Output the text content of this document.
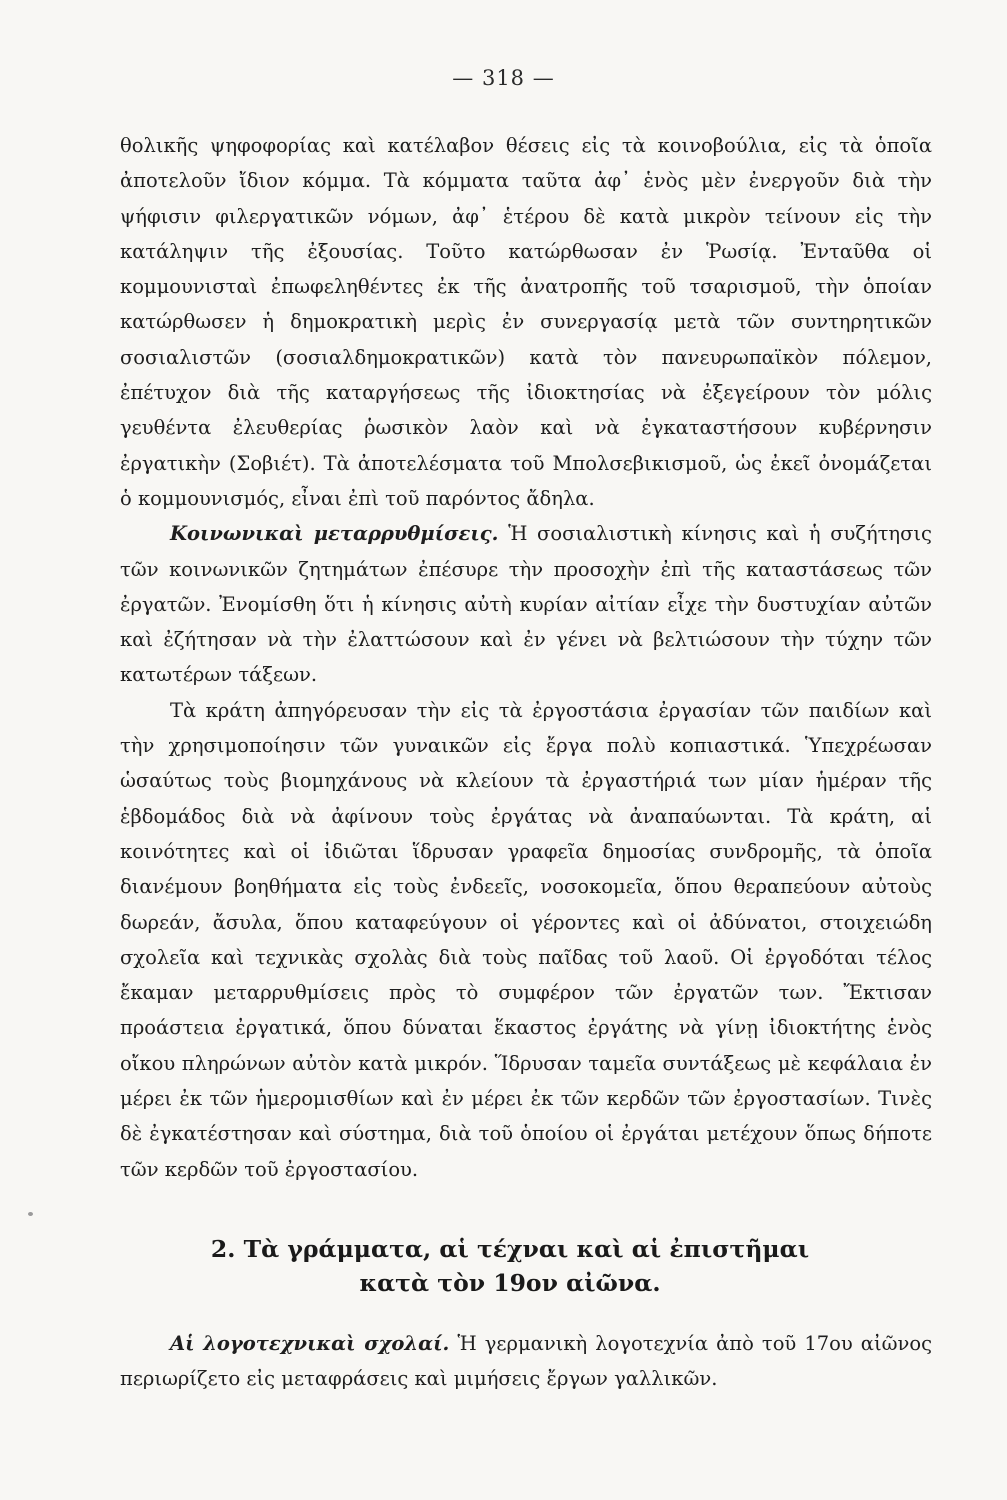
— 318 —

θολικῆς ψηφοφορίας καὶ κατέλαβον θέσεις εἰς τὰ κοινοβούλια, εἰς τὰ ὁποῖα ἀποτελοῦν ἴδιον κόμμα. Τὰ κόμματα ταῦτα ἀφ᾽ ἑνὸς μὲν ἐνεργοῦν διὰ τὴν ψήφισιν φιλεργατικῶν νόμων, ἀφ᾽ ἑτέρου δὲ κατὰ μικρὸν τείνουν εἰς τὴν κατάληψιν τῆς ἐξουσίας. Τοῦτο κατώρθωσαν ἐν Ῥωσίᾳ. Ἐνταῦθα οἱ κομμουνισταὶ ἐπωφεληθέντες ἐκ τῆς ἀνατροπῆς τοῦ τσαρισμοῦ, τὴν ὁποίαν κατώρθωσεν ἡ δημοκρατικὴ μερὶς ἐν συνεργασίᾳ μετὰ τῶν συντηρητικῶν σοσιαλιστῶν (σοσιαλδημοκρατικῶν) κατὰ τὸν πανευρωπαϊκὸν πόλεμον, ἐπέτυχον διὰ τῆς καταργήσεως τῆς ἰδιοκτησίας νὰ ἐξεγείρουν τὸν μόλις γευθέντα ἐλευθερίας ῥωσικὸν λαὸν καὶ νὰ ἐγκαταστήσουν κυβέρνησιν ἐργατικὴν (Σοβιέτ). Τὰ ἀποτελέσματα τοῦ Μπολσεβικισμοῦ, ὡς ἐκεῖ ὀνομάζεται ὁ κομμουνισμός, εἶναι ἐπὶ τοῦ παρόντος ἄδηλα.

Κοινωνικαὶ μεταρρυθμίσεις. Ἡ σοσιαλιστικὴ κίνησις καὶ ἡ συζήτησις τῶν κοινωνικῶν ζητημάτων ἐπέσυρε τὴν προσοχὴν ἐπὶ τῆς καταστάσεως τῶν ἐργατῶν. Ἐνομίσθη ὅτι ἡ κίνησις αὐτὴ κυρίαν αἰτίαν εἶχε τὴν δυστυχίαν αὐτῶν καὶ ἐζήτησαν νὰ τὴν ἐλαττώσουν καὶ ἐν γένει νὰ βελτιώσουν τὴν τύχην τῶν κατωτέρων τάξεων.

Τὰ κράτη ἀπηγόρευσαν τὴν εἰς τὰ ἐργοστάσια ἐργασίαν τῶν παιδίων καὶ τὴν χρησιμοποίησιν τῶν γυναικῶν εἰς ἔργα πολὺ κοπιαστικά. Ὑπεχρέωσαν ὡσαύτως τοὺς βιομηχάνους νὰ κλείουν τὰ ἐργαστήριά των μίαν ἡμέραν τῆς ἑβδομάδος διὰ νὰ ἀφίνουν τοὺς ἐργάτας νὰ ἀναπαύωνται. Τὰ κράτη, αἱ κοινότητες καὶ οἱ ἰδιῶται ἵδρυσαν γραφεῖα δημοσίας συνδρομῆς, τὰ ὁποῖα διανέμουν βοηθήματα εἰς τοὺς ἐνδεεῖς, νοσοκομεῖα, ὅπου θεραπεύουν αὐτοὺς δωρεάν, ἄσυλα, ὅπου καταφεύγουν οἱ γέροντες καὶ οἱ ἀδύνατοι, στοιχειώδη σχολεῖα καὶ τεχνικὰς σχολὰς διὰ τοὺς παῖδας τοῦ λαοῦ. Οἱ ἐργοδόται τέλος ἔκαμαν μεταρρυθμίσεις πρὸς τὸ συμφέρον τῶν ἐργατῶν των. Ἔκτισαν προάστεια ἐργατικά, ὅπου δύναται ἕκαστος ἐργάτης νὰ γίνῃ ἰδιοκτήτης ἑνὸς οἴκου πληρώνων αὐτὸν κατὰ μικρόν. Ἵδρυσαν ταμεῖα συντάξεως μὲ κεφάλαια ἐν μέρει ἐκ τῶν ἡμερομισθίων καὶ ἐν μέρει ἐκ τῶν κερδῶν τῶν ἐργοστασίων. Τινὲς δὲ ἐγκατέστησαν καὶ σύστημα, διὰ τοῦ ὁποίου οἱ ἐργάται μετέχουν ὅπως δήποτε τῶν κερδῶν τοῦ ἐργοστασίου.

2. Τὰ γράμματα, αἱ τέχναι καὶ αἱ ἐπιστῆμαι
κατὰ τὸν 19ον αἰῶνα.

Αἱ λογοτεχνικαὶ σχολαί. Ἡ γερμανικὴ λογοτεχνία ἀπὸ τοῦ 17ου αἰῶνος περιωρίζετο εἰς μεταφράσεις καὶ μιμήσεις ἔργων γαλλικῶν.
